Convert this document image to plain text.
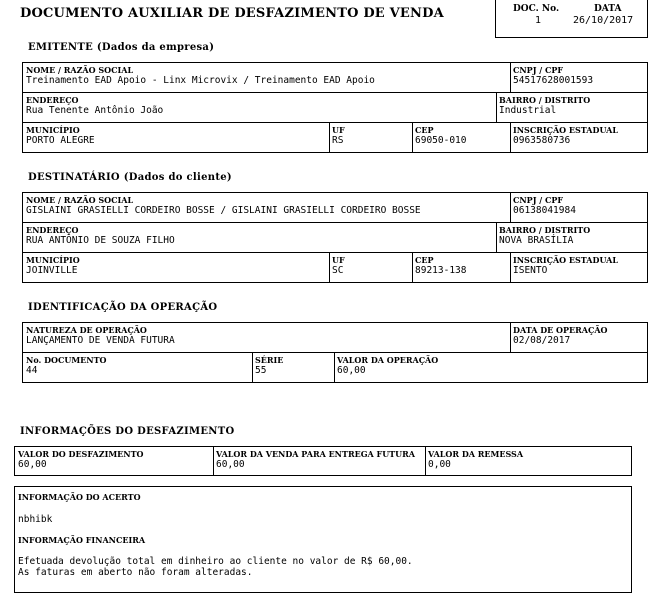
DOCUMENTO AUXILIAR DE DESFAZIMENTO DE VENDA	DOC. No.	DATA
1	26/10/2017
EMITENTE (Dados da empresa)
NOME / RAZÃO SOCIAL
Treinamento EAD Apoio - Linx Microvix / Treinamento EAD Apoio
CNPJ / CPF
54517628001593
ENDEREÇO
Rua Tenente Antônio João
BAIRRO / DISTRITO
Industrial
MUNICÍPIO
PORTO ALEGRE
UF
RS
CEP
69050-010
INSCRIÇÃO ESTADUAL
0963580736
DESTINATÁRIO (Dados do cliente)
NOME / RAZÃO SOCIAL
GISLAINI GRASIELLI CORDEIRO BOSSE / GISLAINI GRASIELLI CORDEIRO BOSSE
CNPJ / CPF
06138041984
ENDEREÇO
RUA ANTÔNIO DE SOUZA FILHO
BAIRRO / DISTRITO
NOVA BRASÍLIA
MUNICÍPIO
JOINVILLE
UF
SC
CEP
89213-138
INSCRIÇÃO ESTADUAL
ISENTO
IDENTIFICAÇÃO DA OPERAÇÃO
NATUREZA DE OPERAÇÃO
LANÇAMENTO DE VENDA FUTURA
DATA DE OPERAÇÃO
02/08/2017
No. DOCUMENTO
44
SÉRIE
55
VALOR DA OPERAÇÃO
60,00
INFORMAÇÕES DO DESFAZIMENTO
VALOR DO DESFAZIMENTO
60,00
VALOR DA VENDA PARA ENTREGA FUTURA
60,00
VALOR DA REMESSA
0,00
INFORMAÇÃO DO ACERTO
nbhibk
INFORMAÇÃO FINANCEIRA
Efetuada devolução total em dinheiro ao cliente no valor de R$ 60,00.
As faturas em aberto não foram alteradas.
